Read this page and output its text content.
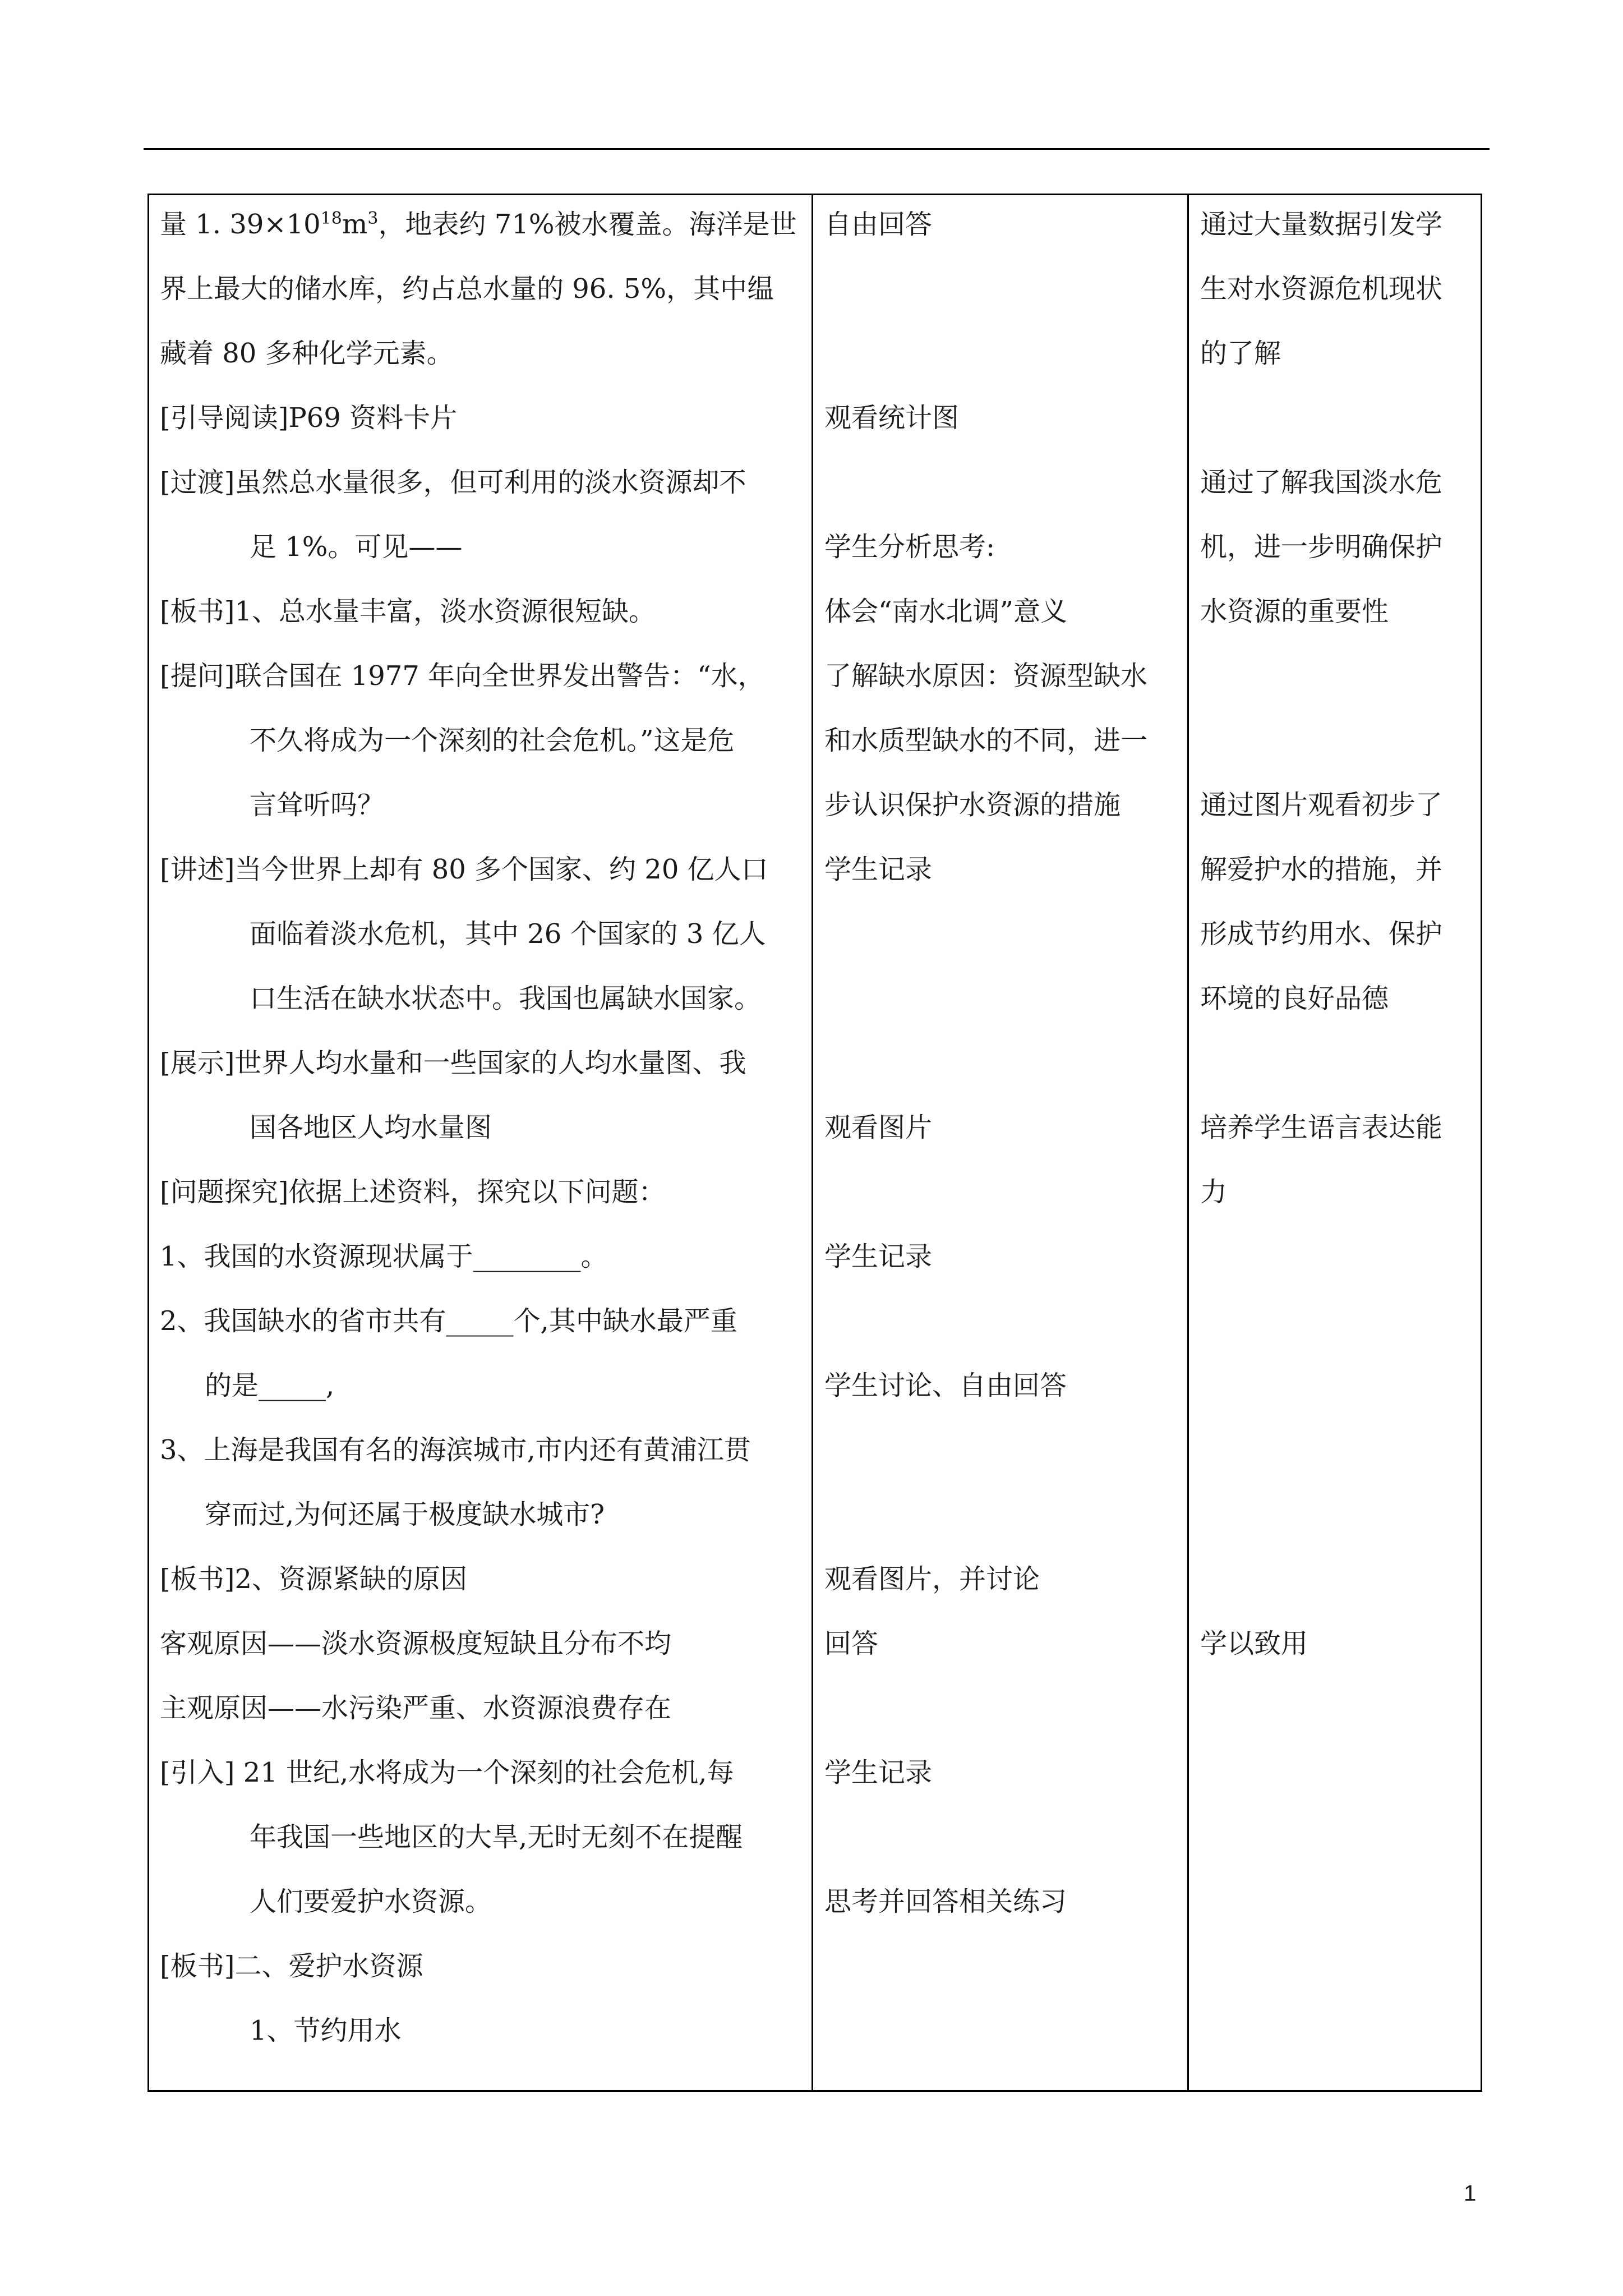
量 1. $39\times 10^{18}m^3$，地表约 71%被水覆盖。海洋是世
界上最大的储水库，约占总水量的 96. 5%，其中缊
藏着 80 多种化学元素。
[引导阅读]P69 资料卡片
[过渡]虽然总水量很多，但可利用的淡水资源却不
足 1%。可见——
[板书]1、总水量丰富，淡水资源很短缺。
[提问]联合国在 1977 年向全世界发出警告：“水，
不久将成为一个深刻的社会危机。”这是危
言耸听吗？
[讲述]当今世界上却有 80 多个国家、约 20 亿人口
面临着淡水危机，其中 26 个国家的 3 亿人
口生活在缺水状态中。我国也属缺水国家。
[展示]世界人均水量和一些国家的人均水量图、我
国各地区人均水量图
[问题探究]依据上述资料，探究以下问题：
1、我国的水资源现状属于________。
2、我国缺水的省市共有_____个,其中缺水最严重
的是_____,
3、上海是我国有名的海滨城市,市内还有黄浦江贯
穿而过,为何还属于极度缺水城市?
[板书]2、资源紧缺的原因
客观原因——淡水资源极度短缺且分布不均
主观原因——水污染严重、水资源浪费存在
[引入] 21 世纪,水将成为一个深刻的社会危机,每
年我国一些地区的大旱,无时无刻不在提醒
人们要爱护水资源。
[板书]二、爱护水资源
1、节约用水
自由回答
观看统计图
学生分析思考:
体会“南水北调”意义
了解缺水原因：资源型缺水
和水质型缺水的不同，进一
步认识保护水资源的措施
学生记录
观看图片
学生记录
学生讨论、自由回答
观看图片，并讨论
回答
学生记录
思考并回答相关练习
通过大量数据引发学
生对水资源危机现状
的了解
通过了解我国淡水危
机，进一步明确保护
水资源的重要性
通过图片观看初步了
解爱护水的措施，并
形成节约用水、保护
环境的良好品德
培养学生语言表达能
力
学以致用
1
